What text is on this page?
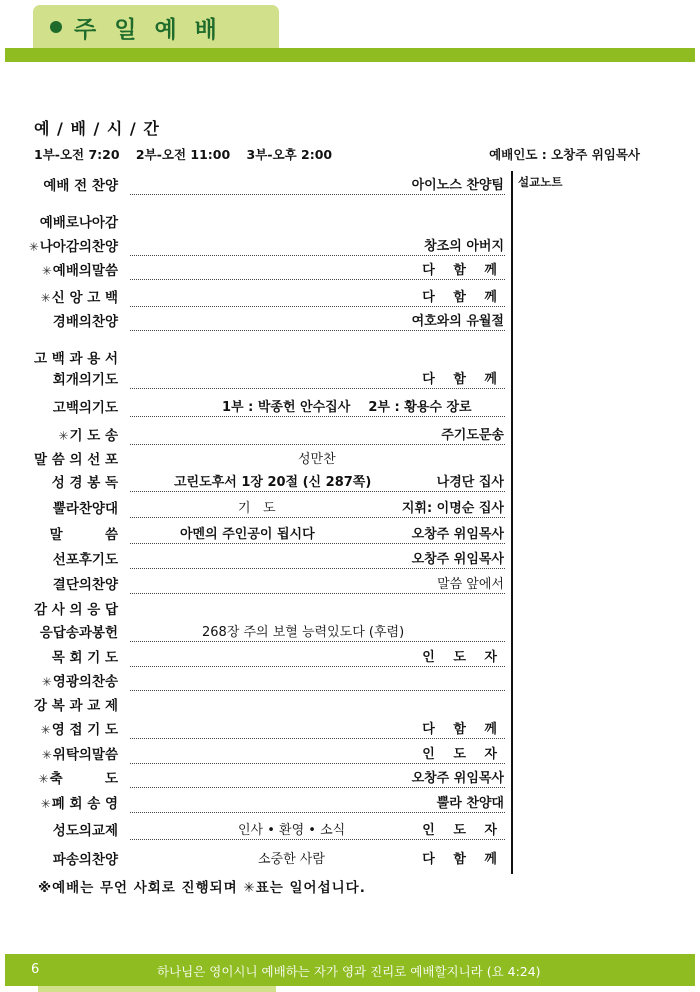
주 일 예 배
예 / 배 / 시 / 간
1부-오전 7:20 2부-오전 11:00 3부-오후 2:00	예배인도 : 오창주 위임목사
설교노트
예배 전 찬양	아이노스 찬양팀
예배로나아감
✳나아감의찬양	창조의 아버지
✳예배의말씀	다 함 께
✳신 앙 고 백	다 함 께
경배의찬양	여호와의 유월절
고 백 과 용 서
회개의기도	다 함 께
고백의기도	1부 : 박종헌 안수집사    2부 : 황용수 장로
✳기 도 송	주기도문송
말 씀 의 선 포	성만찬
성 경 봉 독	고린도후서 1장 20절 (신 287쪽)	나경단 집사
뿔라찬양대	기   도	지휘: 이명순 집사
말         씀	아멘의 주인공이 됩시다	오창주 위임목사
선포후기도	오창주 위임목사
결단의찬양	말씀 앞에서
감 사 의 응 답
응답송과봉헌	268장 주의 보혈 능력있도다 (후렴)
목 회 기 도	인 도 자
✳영광의찬송
강 복 과 교 제
✳영 접 기 도	다 함 께
✳위탁의말씀	인 도 자
✳축         도	오창주 위임목사
✳폐 회 송 영	뿔라 찬양대
성도의교제	인사 • 환영 • 소식	인 도 자
파송의찬양	소중한 사람	다 함 께
※예배는 무언 사회로 진행되며 ✳표는 일어섭니다.
6	하나님은 영이시니 예배하는 자가 영과 진리로 예배할지니라 (요 4:24)
